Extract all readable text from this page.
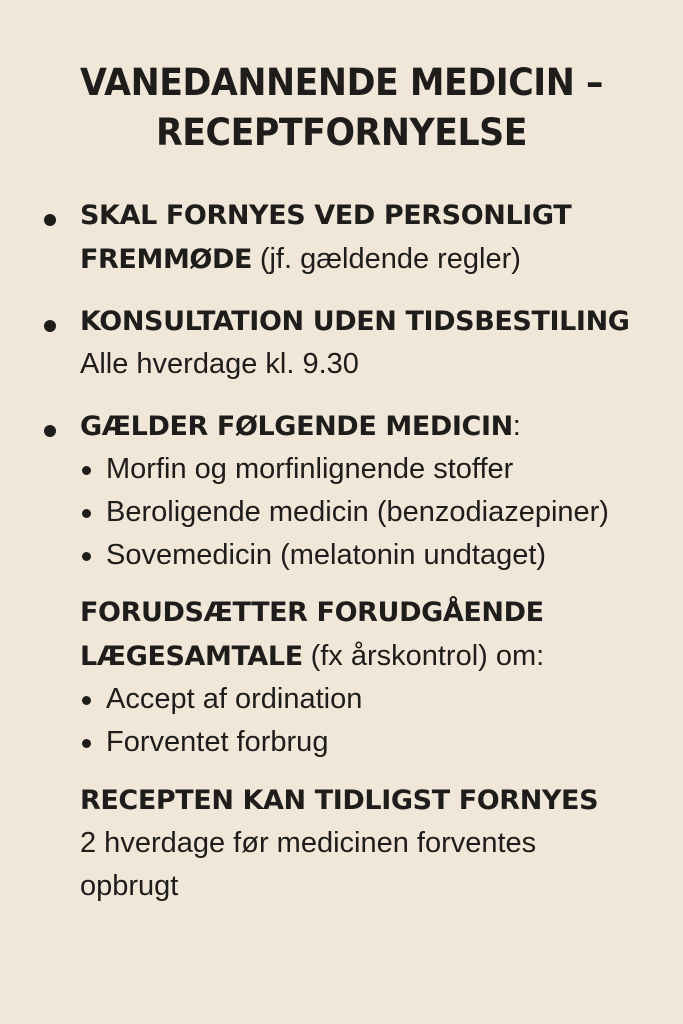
VANEDANNENDE MEDICIN –
RECEPTFORNYELSE
SKAL FORNYES VED PERSONLIGT
FREMMØDE (jf. gældende regler)
KONSULTATION UDEN TIDSBESTILING
Alle hverdage kl. 9.30
GÆLDER FØLGENDE MEDICIN:
Morfin og morfinlignende stoffer
Beroligende medicin (benzodiazepiner)
Sovemedicin (melatonin undtaget)
FORUDSÆTTER FORUDGÅENDE
LÆGESAMTALE (fx årskontrol) om:
Accept af ordination
Forventet forbrug
RECEPTEN KAN TIDLIGST FORNYES
2 hverdage før medicinen forventes
opbrugt
